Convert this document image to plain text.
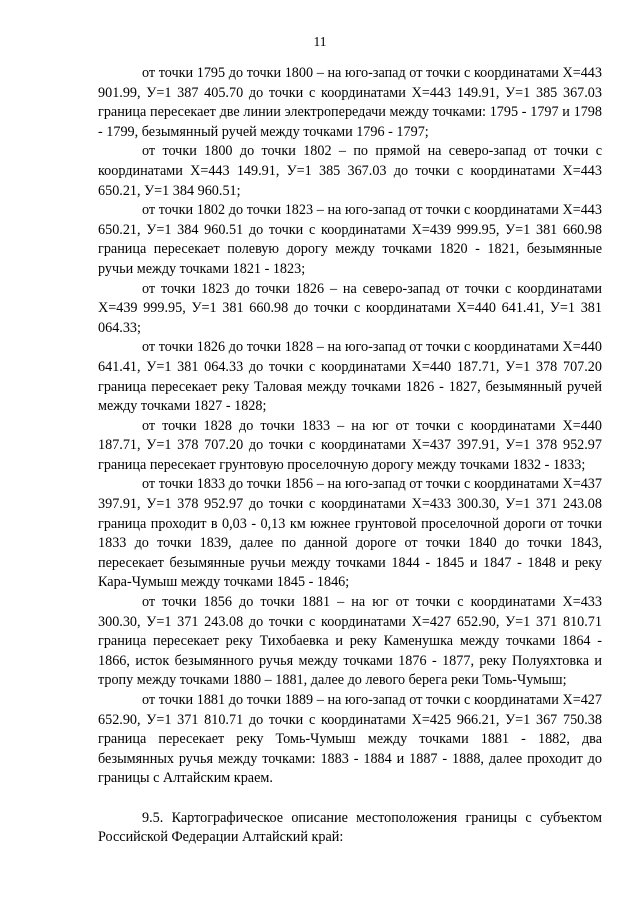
11

от точки 1795 до точки 1800 – на юго-запад от точки с координатами Х=443 901.99, У=1 387 405.70 до точки с координатами Х=443 149.91, У=1 385 367.03 граница пересекает две линии электропередачи между точками: 1795 - 1797 и 1798 - 1799, безымянный ручей между точками 1796 - 1797;

от точки 1800 до точки 1802 – по прямой на северо-запад от точки с координатами Х=443 149.91, У=1 385 367.03 до точки с координатами Х=443 650.21, У=1 384 960.51;

от точки 1802 до точки 1823 – на юго-запад от точки с координатами Х=443 650.21, У=1 384 960.51 до точки с координатами Х=439 999.95, У=1 381 660.98 граница пересекает полевую дорогу между точками 1820 - 1821, безымянные ручьи между точками 1821 - 1823;

от точки 1823 до точки 1826 – на северо-запад от точки с координатами Х=439 999.95, У=1 381 660.98 до точки с координатами Х=440 641.41, У=1 381 064.33;

от точки 1826 до точки 1828 – на юго-запад от точки с координатами Х=440 641.41, У=1 381 064.33 до точки с координатами Х=440 187.71, У=1 378 707.20 граница пересекает реку Таловая между точками 1826 - 1827, безымянный ручей между точками 1827 - 1828;

от точки 1828 до точки 1833 – на юг от точки с координатами Х=440 187.71, У=1 378 707.20 до точки с координатами Х=437 397.91, У=1 378 952.97 граница пересекает грунтовую проселочную дорогу между точками 1832 - 1833;

от точки 1833 до точки 1856 – на юго-запад от точки с координатами Х=437 397.91, У=1 378 952.97 до точки с координатами Х=433 300.30, У=1 371 243.08 граница проходит в 0,03 - 0,13 км южнее грунтовой проселочной дороги от точки 1833 до точки 1839, далее по данной дороге от точки 1840 до точки 1843, пересекает безымянные ручьи между точками 1844 - 1845 и 1847 - 1848 и реку Кара-Чумыш между точками 1845 - 1846;

от точки 1856 до точки 1881 – на юг от точки с координатами Х=433 300.30, У=1 371 243.08 до точки с координатами Х=427 652.90, У=1 371 810.71 граница пересекает реку Тихобаевка и реку Каменушка между точками 1864 - 1866, исток безымянного ручья между точками 1876 - 1877, реку Полуяхтовка и тропу между точками 1880 – 1881, далее до левого берега реки Томь-Чумыш;

от точки 1881 до точки 1889 – на юго-запад от точки с координатами Х=427 652.90, У=1 371 810.71 до точки с координатами Х=425 966.21, У=1 367 750.38 граница пересекает реку Томь-Чумыш между точками 1881 - 1882, два безымянных ручья между точками: 1883 - 1884 и 1887 - 1888, далее проходит до границы с Алтайским краем.

9.5. Картографическое описание местоположения границы с субъектом Российской Федерации Алтайский край:
